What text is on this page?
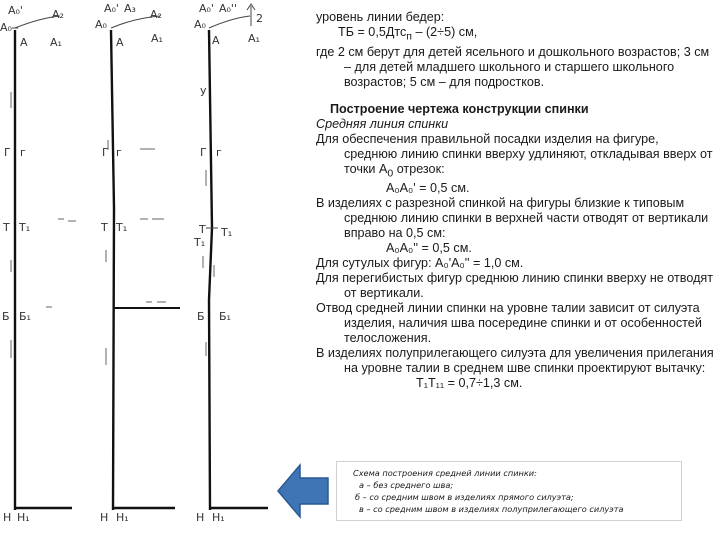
А₀'
А₀
А₂
А А₁
Г г
Т Т₁
Б Б₁
Н Н₁
А₀' А₃
А₀
А₂
А А₁
Г г
Т Т₁
Н Н₁
А₀' А₀''
А₀	2
А	А₁
у
Г г
Т Т₁
Т₁
Б Б₁
Н Н₁

уровень линии бедер:

ТБ = 0,5Дтс$_п$ – (2÷5) см,

где 2 см берут для детей ясельного и дошкольного возрастов; 3 см – для детей младшего школьного и старшего школьного возрастов; 5 см – для подростков.

Построение чертежа конструкции спинки

Средняя линия спинки

Для обеспечения правильной посадки изделия на фигуре, среднюю линию спинки вверху удлиняют, откладывая вверх от точки $А_0$ отрезок:

А₀А₀' = 0,5 см.

В изделиях с разрезной спинкой на фигуры близкие к типовым среднюю линию спинки в верхней части отводят от вертикали вправо на 0,5 см:

А₀А₀'' = 0,5 см.

Для сутулых фигур: А₀'А₀'' = 1,0 см.

Для перегибистых фигур среднюю линию спинки вверху не отводят от вертикали.

Отвод средней линии спинки на уровне талии зависит от силуэта изделия, наличия шва посередине спинки и от особенностей телосложения.

В изделиях полуприлегающего силуэта для увеличения прилегания на уровне талии в среднем шве спинки проектируют вытачку:

Т₁Т₁₁ = 0,7÷1,3 см.

Схема построения средней линии спинки:
а – без среднего шва;
б – со средним швом в изделиях прямого силуэта;
в – со средним швом в изделиях полуприлегающего силуэта
